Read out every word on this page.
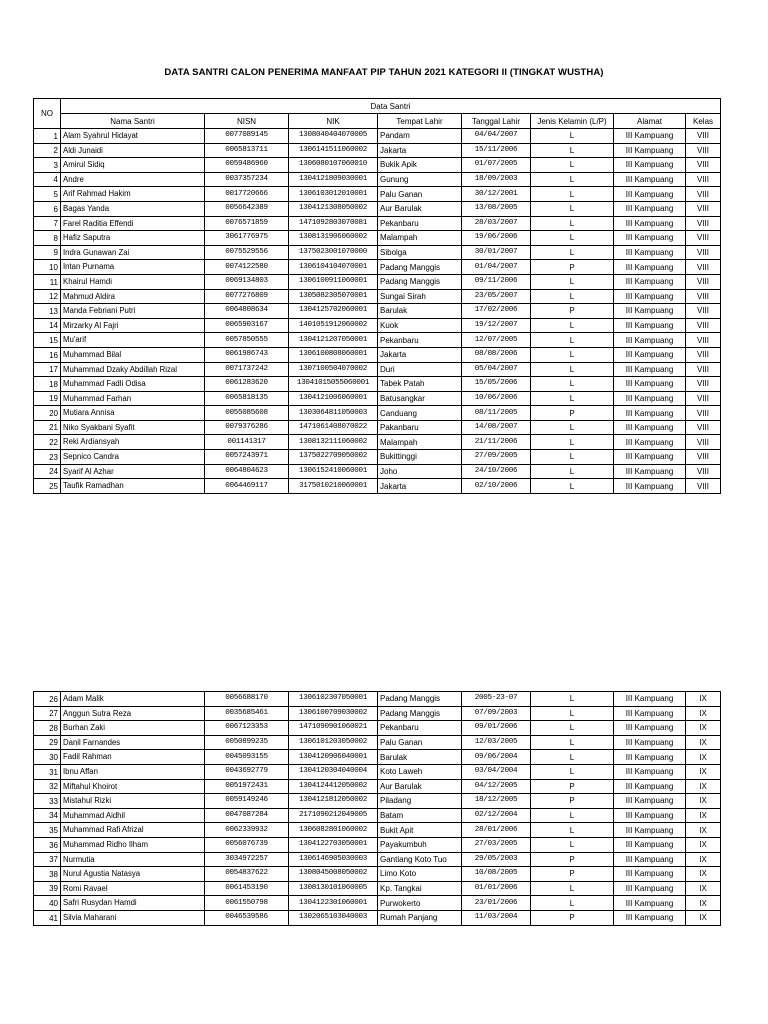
DATA SANTRI CALON PENERIMA MANFAAT PIP TAHUN 2021 KATEGORI II (TINGKAT WUSTHA)
NO	Data Santri							
	Nama Santri	NISN	NIK	Tempat Lahir	Tanggal Lahir	Jenis Kelamin (L/P)	Alamat	Kelas
1	Alam Syahrul Hidayat	0077089145	1308040404070005	Pandam	04/04/2007	L	III Kampuang	VIII
2	Aldi Junaidi	0065813711	1306141511060002	Jakarta	15/11/2006	L	III Kampuang	VIII
3	Amirul Sidiq	0059486960	1306080107060010	Bukik Apik	01/07/2005	L	III Kampuang	VIII
4	Andre	0037357234	1304121809030001	Gunung	18/09/2003	L	III Kampuang	VIII
5	Arif Rahmad Hakim	0017720666	1306103012010001	Palu Ganan	30/12/2001	L	III Kampuang	VIII
6	Bagas Yanda	0056642389	1304121308050002	Aur Barulak	13/08/2005	L	III Kampuang	VIII
7	Farel Raditia Effendi	0076571859	1471092803070081	Pekanbaru	28/03/2007	L	III Kampuang	VIII
8	Hafiz Saputra	3061776975	1308131906060002	Malampah	19/06/2006	L	III Kampuang	VIII
9	Indra Gunawan Zai	0075529556	1375023001070000	Sibolga	30/01/2007	L	III Kampuang	VIII
10	Intan Purnama	0074122580	1306104104070001	Padang Manggis	01/04/2007	P	III Kampuang	VIII
11	Khairul Hamdi	0069134803	1306100911060001	Padang Manggis	09/11/2006	L	III Kampuang	VIII
12	Mahmud Aldira	0077276809	1305082305070001	Sungai Sirah	23/05/2007	L	III Kampuang	VIII
13	Manda Febriani Putri	0064808634	1304125702060001	Barulak	17/02/2006	P	III Kampuang	VIII
14	Mirzarky Al Fajri	0065903167	1401051912060002	Kuok	19/12/2007	L	III Kampuang	VIII
15	Mu'arif	0057850555	1304121207050001	Pekanbaru	12/07/2005	L	III Kampuang	VIII
16	Muhammad Bilal	0061986743	1306100808060001	Jakarta	08/08/2006	L	III Kampuang	VIII
17	Muhammad Dzaky Abdillah Rizal	0071737242	1307100504070002	Duri	05/04/2007	L	III Kampuang	VIII
18	Muhammad Fadli Odisa	0061283620	13041015055060001	Tabek Patah	15/05/2006	L	III Kampuang	VIII
19	Muhammad Farhan	0065818135	1304121006060001	Batusangkar	10/06/2006	L	III Kampuang	VIII
20	Mutiara Annisa	0055085608	1303064811050003	Canduang	08/11/2005	P	III Kampuang	VIII
21	Niko Syakbani Syafit	0079376286	1471061408070022	Pakanbaru	14/08/2007	L	III Kampuang	VIII
22	Reki Ardiansyah	001141317	1308132111060002	Malampah	21/11/2006	L	III Kampuang	VIII
23	Sepnico Candra	0057243971	1375022709050002	Bukittinggi	27/09/2005	L	III Kampuang	VIII
24	Syarif Al Azhar	0064804623	1306152410060001	Joho	24/10/2006	L	III Kampuang	VIII
25	Taufik Ramadhan	0064469117	3175010210060001	Jakarta	02/10/2006	L	III Kampuang	VIII
26	Adam Malik	0056688170	1306102307050001	Padang Manggis	2005-23-07	L	III Kampuang	IX
27	Anggun Sutra Reza	0035685461	1306100709030002	Padang Manggis	07/09/2003	L	III Kampuang	IX
28	Burhan Zaki	0067123353	1471090901060021	Pekanbaru	09/01/2006	L	III Kampuang	IX
29	Danil Farnandes	0050899235	1306101203050002	Palu Ganan	12/03/2005	L	III Kampuang	IX
30	Fadil Rahman	0045093155	1304120906040001	Barulak	09/06/2004	L	III Kampuang	IX
31	Ibnu Affan	0043692779	1304120304040004	Koto Laweh	03/04/2004	L	III Kampuang	IX
32	Miftahul Khoirot	0051972431	1304124412050002	Aur Barulak	04/12/2005	P	III Kampuang	IX
33	Mistahul Rizki	0059149246	1304121812050002	Piladang	18/12/2005	P	III Kampuang	IX
34	Muhammad Aidhil	0047087284	2171090212049005	Batam	02/12/2004	L	III Kampuang	IX
35	Muhammad Rafi Afrizal	0062339932	1306082801060002	Bukit Apit	28/01/2006	L	III Kampuang	IX
36	Muhammad Ridho Ilham	0056076739	1304122703050001	Payakumbuh	27/03/2005	L	III Kampuang	IX
37	Nurmutia	3034972257	1306146905030003	Gantiang Koto Tuo	29/05/2003	P	III Kampuang	IX
38	Nurul Agustia Natasya	0054837622	1308045008050002	Limo Koto	10/08/2005	P	III Kampuang	IX
39	Romi Ravael	0061453190	1308130101060005	Kp. Tangkai	01/01/2006	L	III Kampuang	IX
40	Safri Rusydan Hamdi	0061550798	1304122301060001	Purwokerto	23/01/2006	L	III Kampuang	IX
41	Silvia Maharani	0046539586	1302065103040003	Rumah Panjang	11/03/2004	P	III Kampuang	IX
